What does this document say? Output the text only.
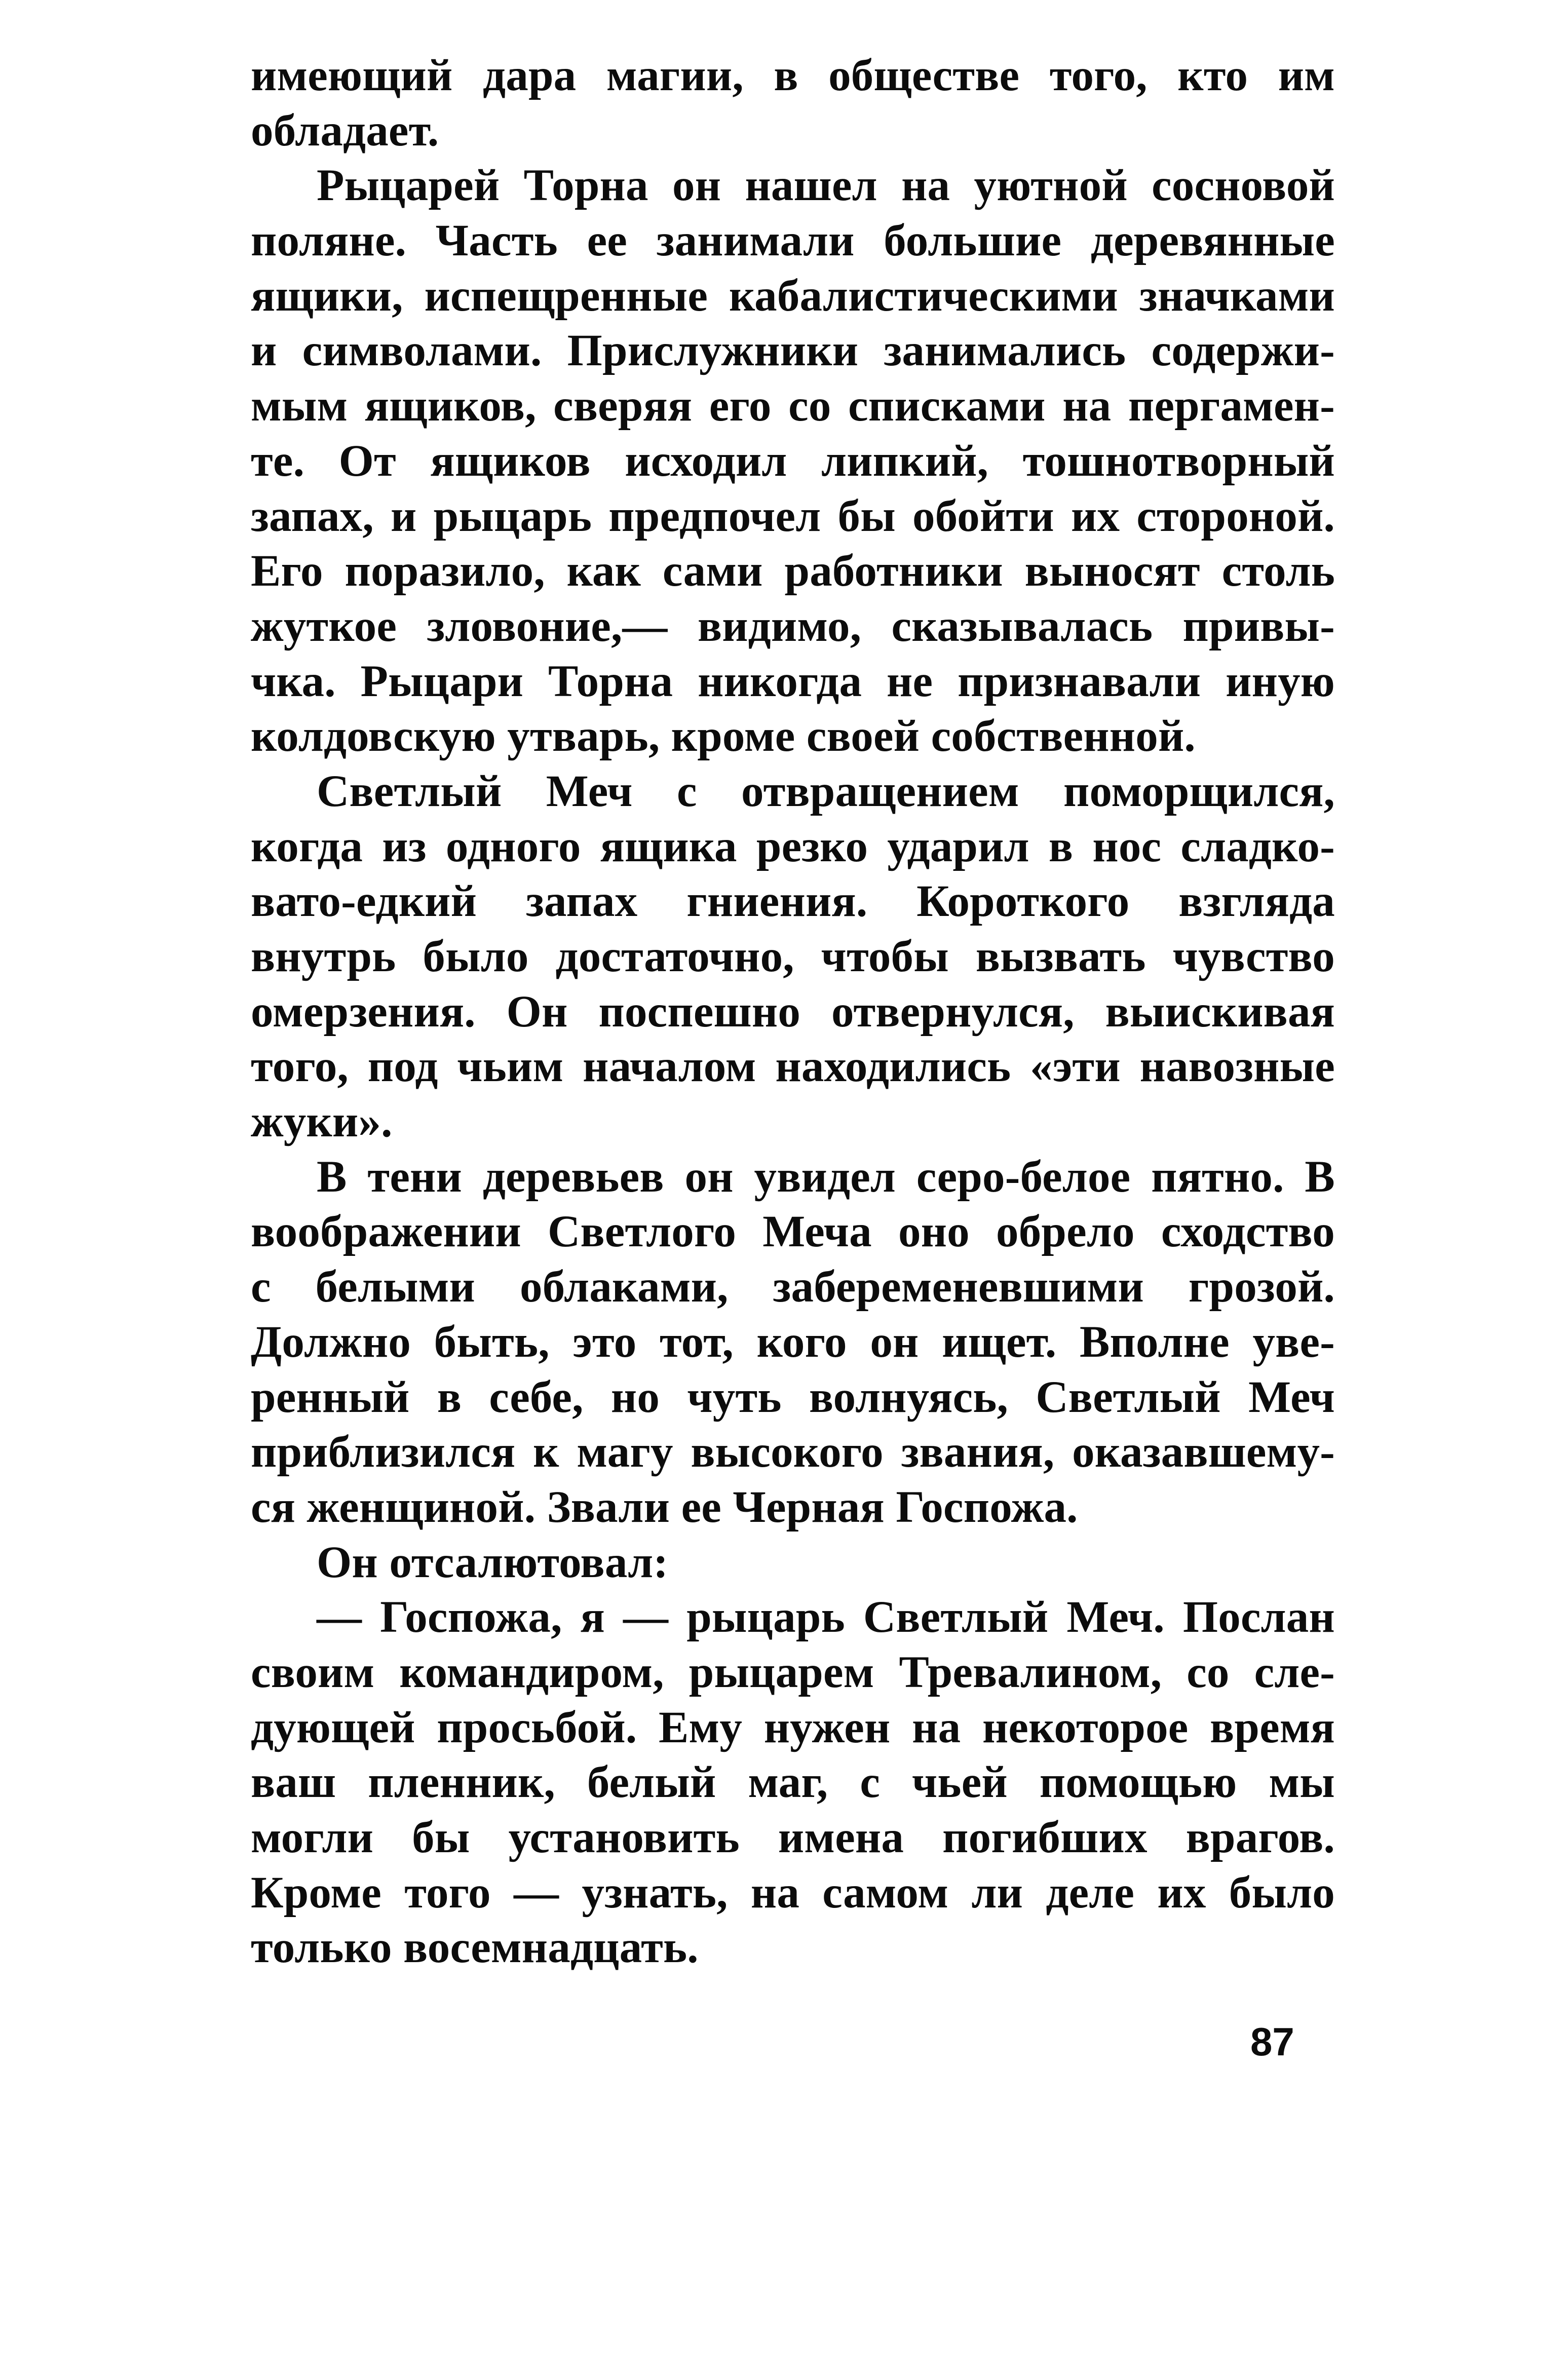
имеющий дара магии, в обществе того, кто им
обладает.
Рыцарей Торна он нашел на уютной сосновой
поляне. Часть ее занимали большие деревянные
ящики, испещренные кабалистическими значками
и символами. Прислужники занимались содержи-
мым ящиков, сверяя его со списками на пергамен-
те. От ящиков исходил липкий, тошнотворный
запах, и рыцарь предпочел бы обойти их стороной.
Его поразило, как сами работники выносят столь
жуткое зловоние,— видимо, сказывалась привы-
чка. Рыцари Торна никогда не признавали иную
колдовскую утварь, кроме своей собственной.
Светлый Меч с отвращением поморщился,
когда из одного ящика резко ударил в нос сладко-
вато-едкий запах гниения. Короткого взгляда
внутрь было достаточно, чтобы вызвать чувство
омерзения. Он поспешно отвернулся, выискивая
того, под чьим началом находились «эти навозные
жуки».
В тени деревьев он увидел серо-белое пятно. В
воображении Светлого Меча оно обрело сходство
с белыми облаками, забеременевшими грозой.
Должно быть, это тот, кого он ищет. Вполне уве-
ренный в себе, но чуть волнуясь, Светлый Меч
приблизился к магу высокого звания, оказавшему-
ся женщиной. Звали ее Черная Госпожа.
Он отсалютовал:
— Госпожа, я — рыцарь Светлый Меч. Послан
своим командиром, рыцарем Тревалином, со сле-
дующей просьбой. Ему нужен на некоторое время
ваш пленник, белый маг, с чьей помощью мы
могли бы установить имена погибших врагов.
Кроме того — узнать, на самом ли деле их было
только восемнадцать.
87
